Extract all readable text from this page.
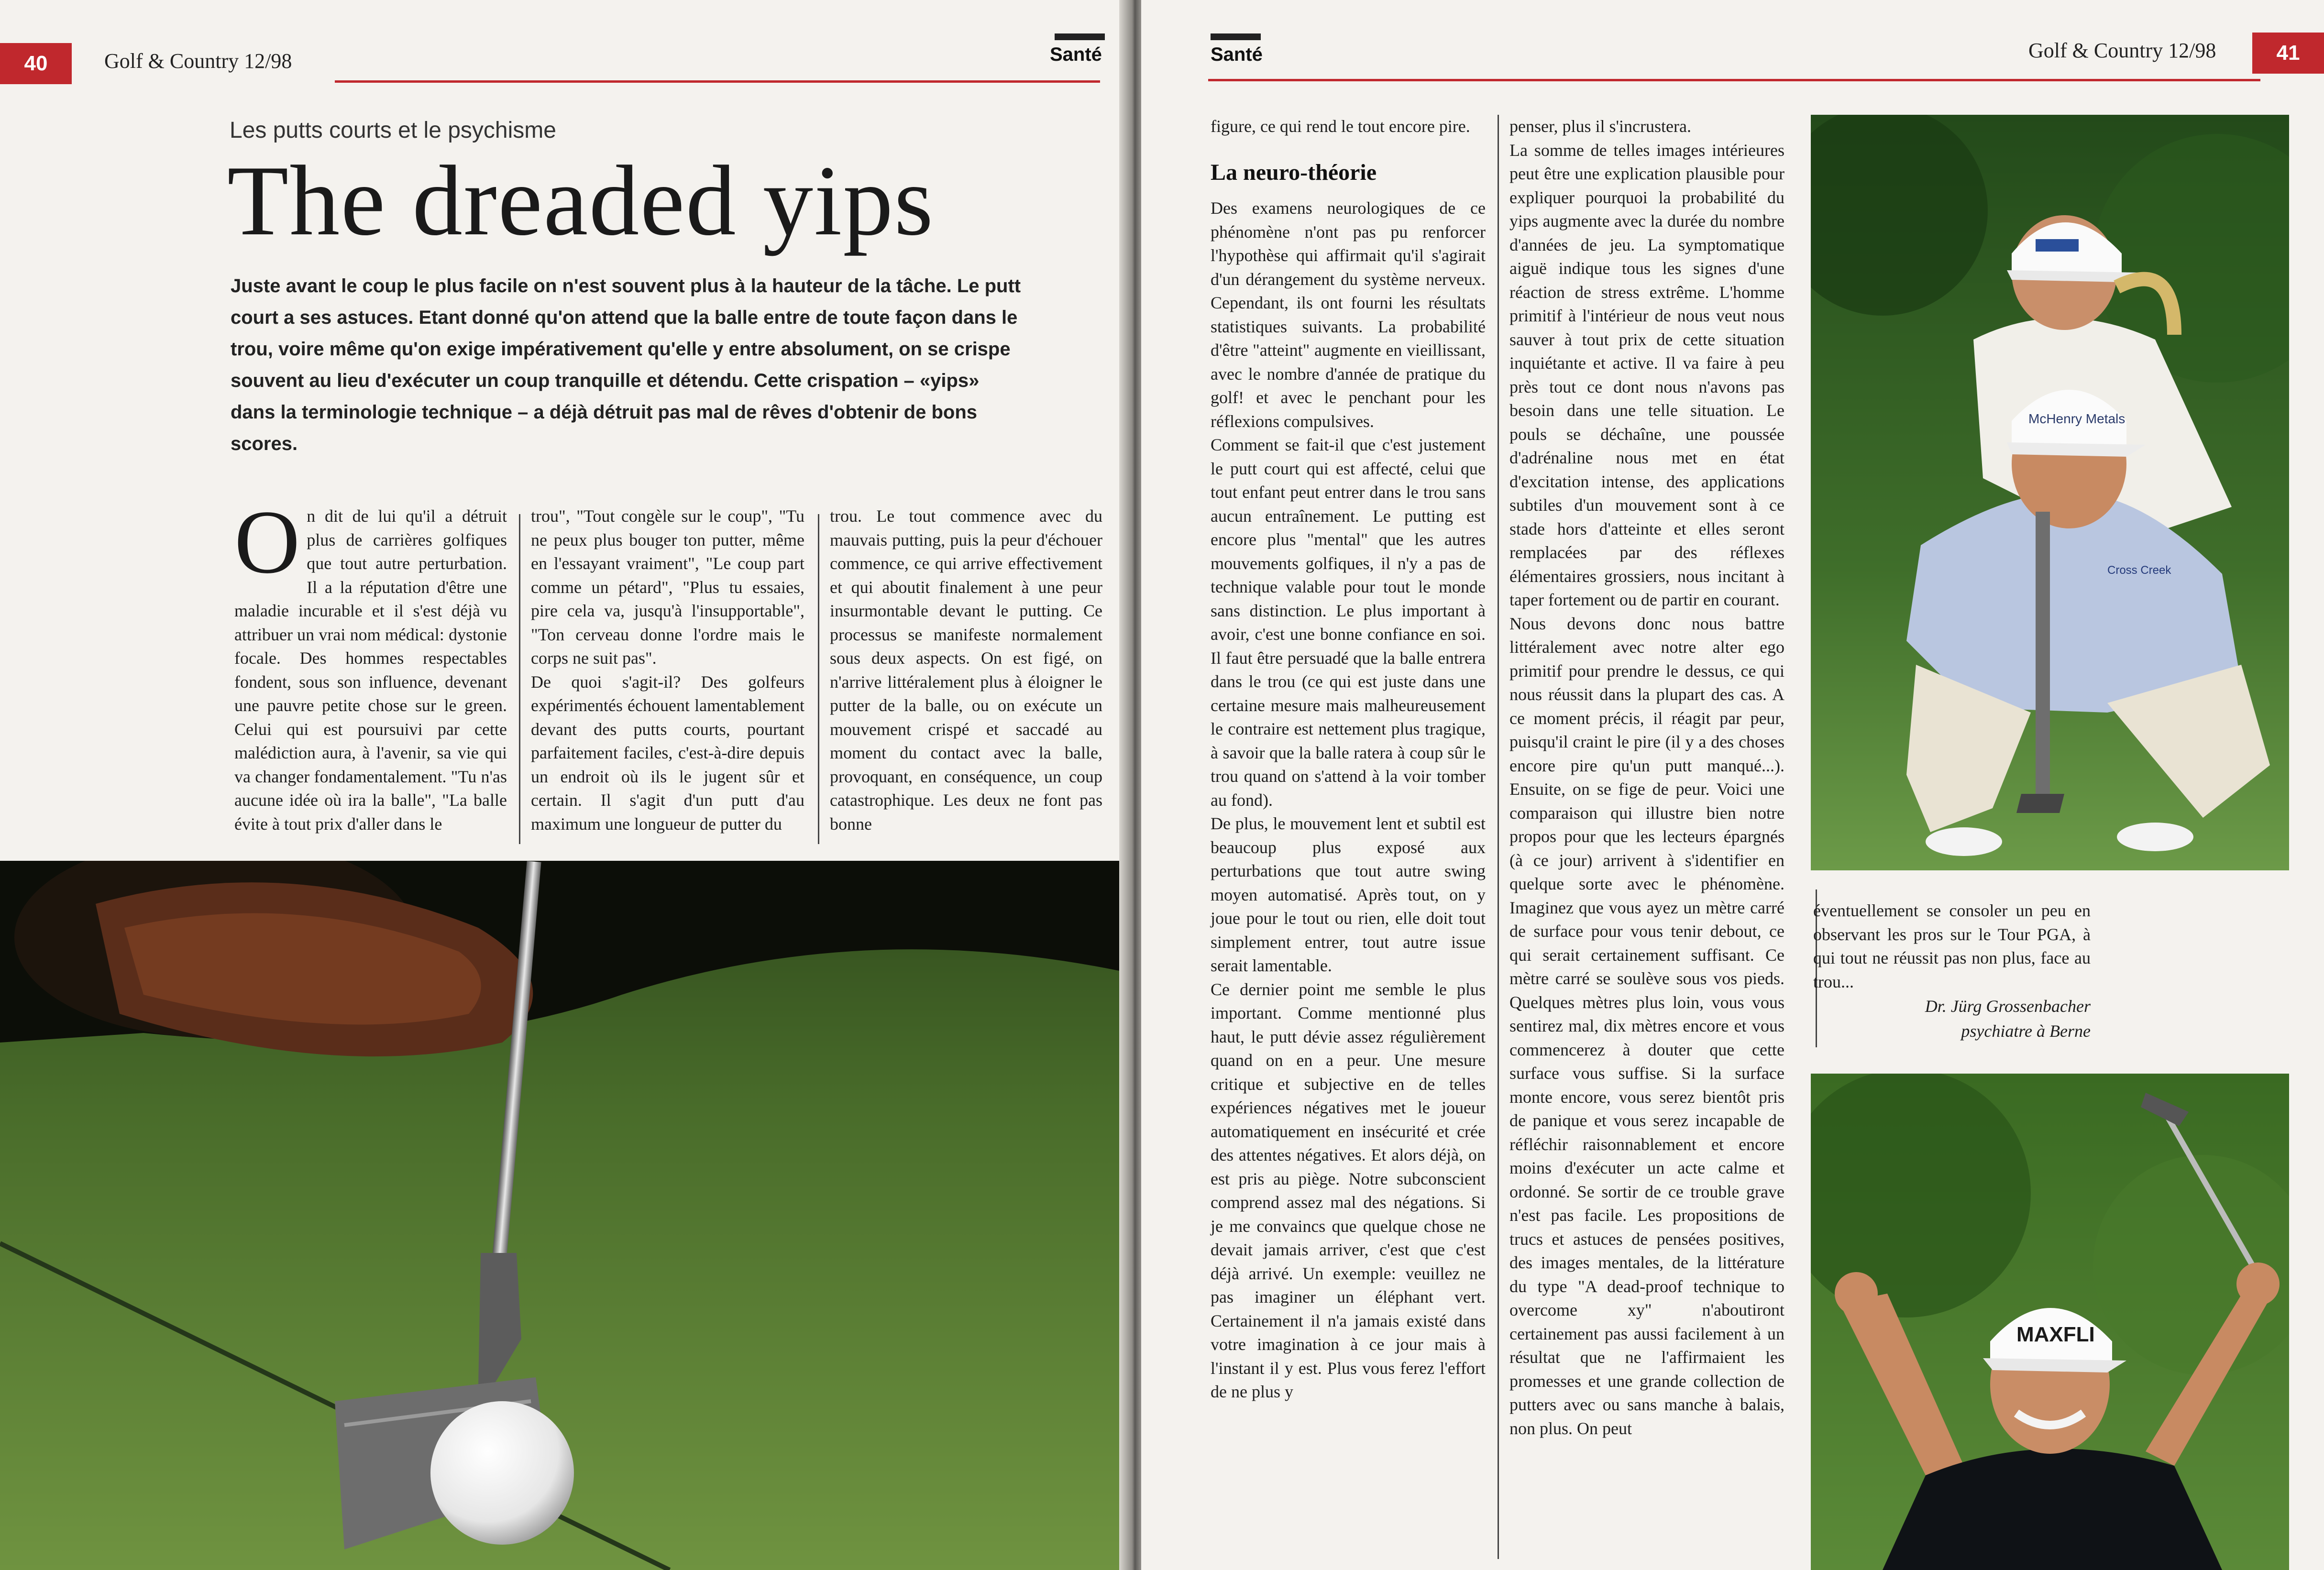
40	Golf & Country 12/98	Santé
Les putts courts et le psychisme
The dreaded yips
Juste avant le coup le plus facile on n'est souvent plus à la hauteur de la tâche. Le putt court a ses astuces. Etant donné qu'on attend que la balle entre de toute façon dans le trou, voire même qu'on exige impérativement qu'elle y entre absolument, on se crispe souvent au lieu d'exécuter un coup tranquille et détendu. Cette crispation – «yips» dans la terminologie technique – a déjà détruit pas mal de rêves d'obtenir de bons scores.

On dit de lui qu'il a détruit plus de carrières golfiques que tout autre perturbation. Il a la réputation d'être une maladie incurable et il s'est déjà vu attribuer un vrai nom médical: dystonie focale. Des hommes respectables fondent, sous son influence, devenant une pauvre petite chose sur le green. Celui qui est poursuivi par cette malédiction aura, à l'avenir, sa vie qui va changer fondamentalement. "Tu n'as aucune idée où ira la balle", "La balle évite à tout prix d'aller dans le

trou", "Tout congèle sur le coup", "Tu ne peux plus bouger ton putter, même en l'essayant vraiment", "Le coup part comme un pétard", "Plus tu essaies, pire cela va, jusqu'à l'insupportable", "Ton cerveau donne l'ordre mais le corps ne suit pas".

De quoi s'agit-il? Des golfeurs expérimentés échouent lamentablement devant des putts courts, pourtant parfaitement faciles, c'est-à-dire depuis un endroit où ils le jugent sûr et certain. Il s'agit d'un putt d'au maximum une longueur de putter du

trou. Le tout commence avec du mauvais putting, puis la peur d'échouer commence, ce qui arrive effectivement et qui aboutit finalement à une peur insurmontable devant le putting. Ce processus se manifeste normalement sous deux aspects. On est figé, on n'arrive littéralement plus à éloigner le putter de la balle, ou on exécute un mouvement crispé et saccadé au moment du contact avec la balle, provoquant, en conséquence, un coup catastrophique. Les deux ne font pas bonne

Santé	Golf & Country 12/98	41

figure, ce qui rend le tout encore pire.

La neuro-théorie

Des examens neurologiques de ce phénomène n'ont pas pu renforcer l'hypothèse qui affirmait qu'il s'agirait d'un dérangement du système nerveux. Cependant, ils ont fourni les résultats statistiques suivants. La probabilité d'être "atteint" augmente en vieillissant, avec le nombre d'année de pratique du golf! et avec le penchant pour les réflexions compulsives.

Comment se fait-il que c'est justement le putt court qui est affecté, celui que tout enfant peut entrer dans le trou sans aucun entraînement. Le putting est encore plus "mental" que les autres mouvements golfiques, il n'y a pas de technique valable pour tout le monde sans distinction. Le plus important à avoir, c'est une bonne confiance en soi. Il faut être persuadé que la balle entrera dans le trou (ce qui est juste dans une certaine mesure mais malheureusement le contraire est nettement plus tragique, à savoir que la balle ratera à coup sûr le trou quand on s'attend à la voir tomber au fond).

De plus, le mouvement lent et subtil est beaucoup plus exposé aux perturbations que tout autre swing moyen automatisé. Après tout, on y joue pour le tout ou rien, elle doit tout simplement entrer, tout autre issue serait lamentable.

Ce dernier point me semble le plus important. Comme mentionné plus haut, le putt dévie assez régulièrement quand on en a peur. Une mesure critique et subjective en de telles expériences négatives met le joueur automatiquement en insécurité et crée des attentes négatives. Et alors déjà, on est pris au piège. Notre subconscient comprend assez mal des négations. Si je me convaincs que quelque chose ne devait jamais arriver, c'est que c'est déjà arrivé. Un exemple: veuillez ne pas imaginer un éléphant vert. Certainement il n'a jamais existé dans votre imagination à ce jour mais à l'instant il y est. Plus vous ferez l'effort de ne plus y

penser, plus il s'incrustera.

La somme de telles images intérieures peut être une explication plausible pour expliquer pourquoi la probabilité du yips augmente avec la durée du nombre d'années de jeu. La symptomatique aiguë indique tous les signes d'une réaction de stress extrême. L'homme primitif à l'intérieur de nous veut nous sauver à tout prix de cette situation inquiétante et active. Il va faire à peu près tout ce dont nous n'avons pas besoin dans une telle situation. Le pouls se déchaîne, une poussée d'adrénaline nous met en état d'excitation intense, des applications subtiles d'un mouvement sont à ce stade hors d'atteinte et elles seront remplacées par des réflexes élémentaires grossiers, nous incitant à taper fortement ou de partir en courant.

Nous devons donc nous battre littéralement avec notre alter ego primitif pour prendre le dessus, ce qui nous réussit dans la plupart des cas. A ce moment précis, il réagit par peur, puisqu'il craint le pire (il y a des choses encore pire qu'un putt manqué...). Ensuite, on se fige de peur. Voici une comparaison qui illustre bien notre propos pour que les lecteurs épargnés (à ce jour) arrivent à s'identifier en quelque sorte avec le phénomène. Imaginez que vous ayez un mètre carré de surface pour vous tenir debout, ce qui serait certainement suffisant. Ce mètre carré se soulève sous vos pieds. Quelques mètres plus loin, vous vous sentirez mal, dix mètres encore et vous commencerez à douter que cette surface vous suffise. Si la surface monte encore, vous serez bientôt pris de panique et vous serez incapable de réfléchir raisonnablement et encore moins d'exécuter un acte calme et ordonné. Se sortir de ce trouble grave n'est pas facile. Les propositions de trucs et astuces de pensées positives, des images mentales, de la littérature du type "A dead-proof technique to overcome xy" n'aboutiront certainement pas aussi facilement à un résultat que ne l'affirmaient les promesses et une grande collection de putters avec ou sans manche à balais, non plus. On peut

McHenry Metals
Cross Creek

éventuellement se consoler un peu en observant les pros sur le Tour PGA, à qui tout ne réussit pas non plus, face au trou...

Dr. Jürg Grossenbacher
psychiatre à Berne
MAXFLI
